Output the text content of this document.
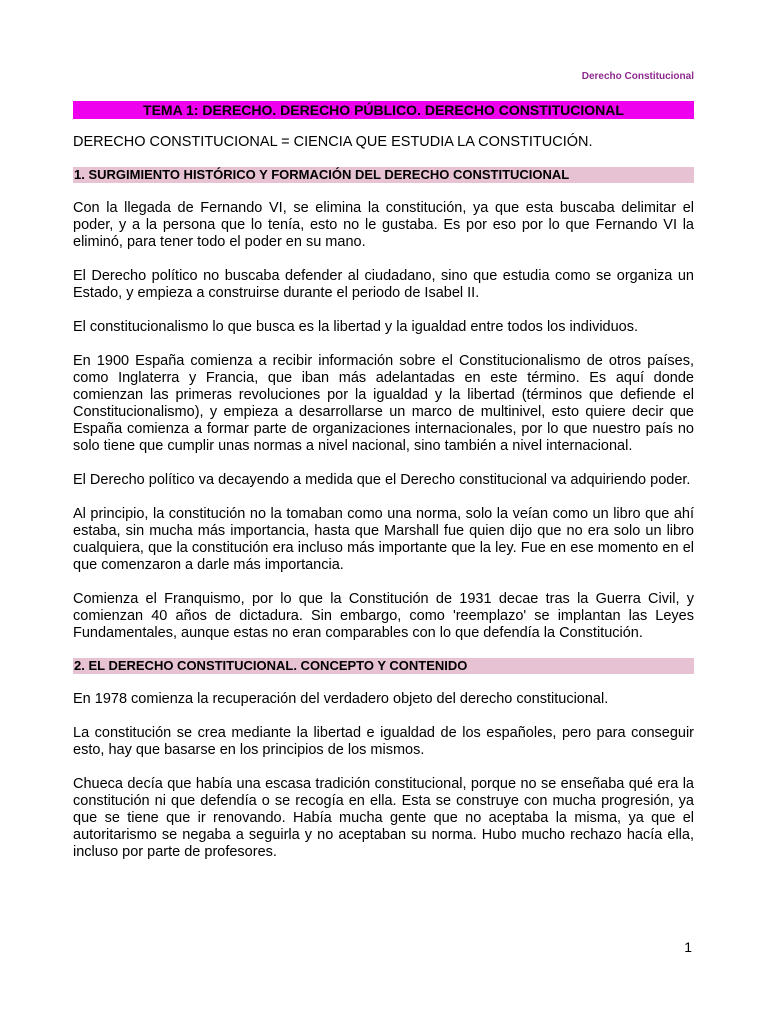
Derecho Constitucional
TEMA 1: DERECHO. DERECHO PÚBLICO. DERECHO CONSTITUCIONAL
DERECHO CONSTITUCIONAL = CIENCIA QUE ESTUDIA LA CONSTITUCIÓN.
1. SURGIMIENTO HISTÓRICO Y FORMACIÓN DEL DERECHO CONSTITUCIONAL

Con la llegada de Fernando VI, se elimina la constitución, ya que esta buscaba delimitar el poder, y a la persona que lo tenía, esto no le gustaba. Es por eso por lo que Fernando VI la eliminó, para tener todo el poder en su mano.

El Derecho político no buscaba defender al ciudadano, sino que estudia como se organiza un Estado, y empieza a construirse durante el periodo de Isabel II.

El constitucionalismo lo que busca es la libertad y la igualdad entre todos los individuos.

En 1900 España comienza a recibir información sobre el Constitucionalismo de otros países, como Inglaterra y Francia, que iban más adelantadas en este término. Es aquí donde comienzan las primeras revoluciones por la igualdad y la libertad (términos que defiende el Constitucionalismo), y empieza a desarrollarse un marco de multinivel, esto quiere decir que España comienza a formar parte de organizaciones internacionales, por lo que nuestro país no solo tiene que cumplir unas normas a nivel nacional, sino también a nivel internacional.

El Derecho político va decayendo a medida que el Derecho constitucional va adquiriendo poder.

Al principio, la constitución no la tomaban como una norma, solo la veían como un libro que ahí estaba, sin mucha más importancia, hasta que Marshall fue quien dijo que no era solo un libro cualquiera, que la constitución era incluso más importante que la ley. Fue en ese momento en el que comenzaron a darle más importancia.

Comienza el Franquismo, por lo que la Constitución de 1931 decae tras la Guerra Civil, y comienzan 40 años de dictadura. Sin embargo, como 'reemplazo' se implantan las Leyes Fundamentales, aunque estas no eran comparables con lo que defendía la Constitución.

2. EL DERECHO CONSTITUCIONAL. CONCEPTO Y CONTENIDO

En 1978 comienza la recuperación del verdadero objeto del derecho constitucional.

La constitución se crea mediante la libertad e igualdad de los españoles, pero para conseguir esto, hay que basarse en los principios de los mismos.

Chueca decía que había una escasa tradición constitucional, porque no se enseñaba qué era la constitución ni que defendía o se recogía en ella. Esta se construye con mucha progresión, ya que se tiene que ir renovando. Había mucha gente que no aceptaba la misma, ya que el autoritarismo se negaba a seguirla y no aceptaban su norma. Hubo mucho rechazo hacía ella, incluso por parte de profesores.

1
